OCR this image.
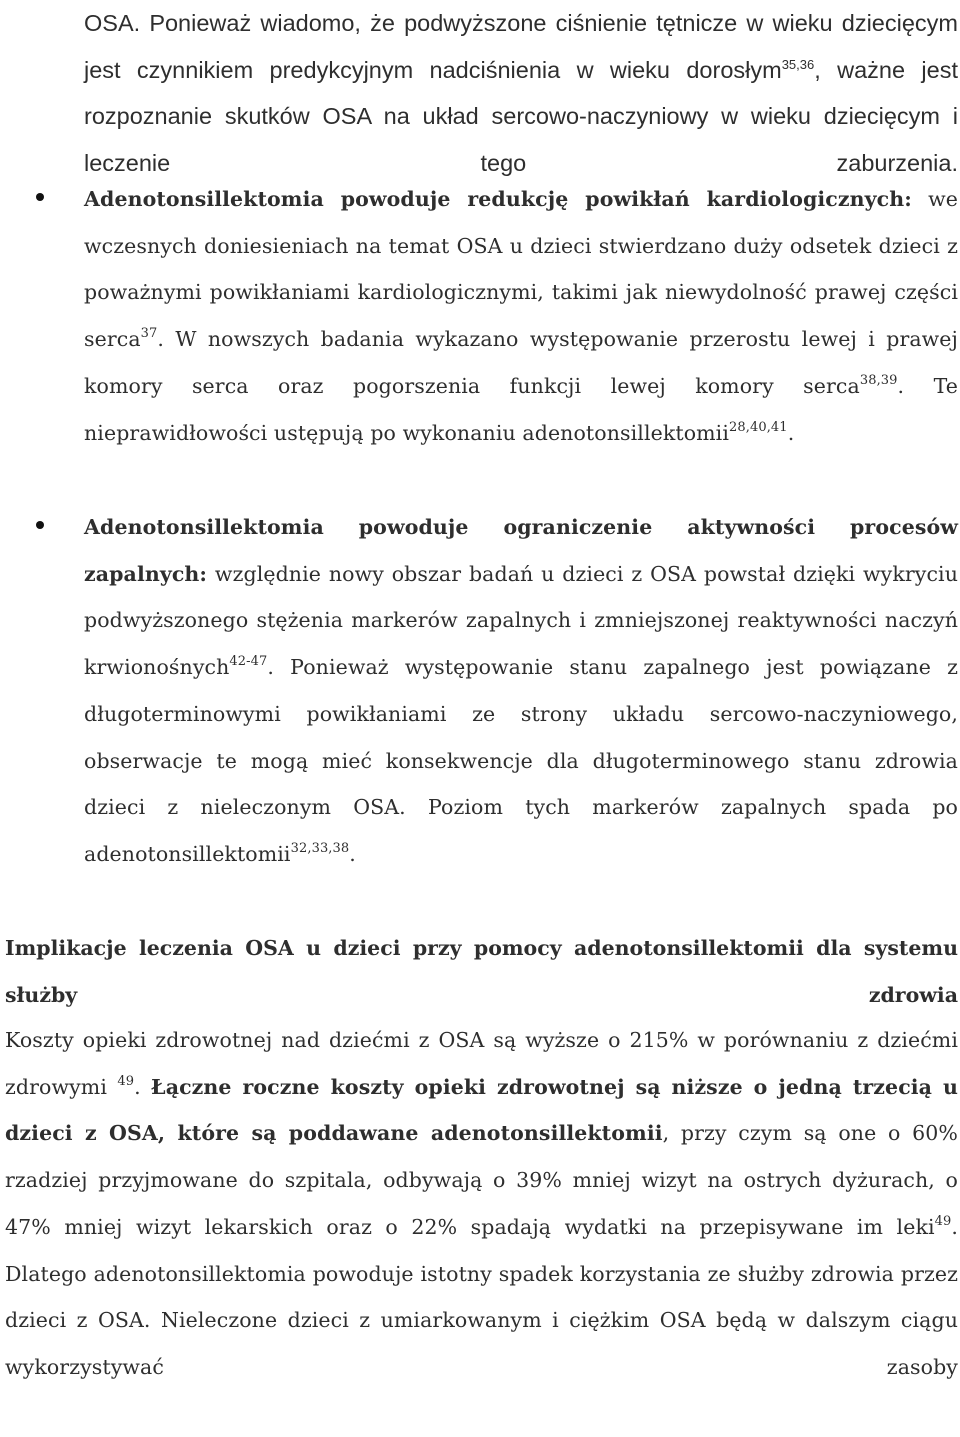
OSA. Ponieważ wiadomo, że podwyższone ciśnienie tętnicze w wieku dziecięcym jest czynnikiem predykcyjnym nadciśnienia w wieku dorosłym$^{35,36}$, ważne jest rozpoznanie skutków OSA na układ sercowo-naczyniowy w wieku dziecięcym i leczenie tego zaburzenia.
Adenotonsillektomia powoduje redukcję powikłań kardiologicznych: we wczesnych doniesieniach na temat OSA u dzieci stwierdzano duży odsetek dzieci z poważnymi powikłaniami kardiologicznymi, takimi jak niewydolność prawej części serca$^{37}$. W nowszych badania wykazano występowanie przerostu lewej i prawej komory serca oraz pogorszenia funkcji lewej komory serca$^{38,39}$. Te nieprawidłowości ustępują po wykonaniu adenotonsillektomii$^{28,40,41}$.
Adenotonsillektomia powoduje ograniczenie aktywności procesów zapalnych: względnie nowy obszar badań u dzieci z OSA powstał dzięki wykryciu podwyższonego stężenia markerów zapalnych i zmniejszonej reaktywności naczyń krwionośnych$^{42-47}$. Ponieważ występowanie stanu zapalnego jest powiązane z długoterminowymi powikłaniami ze strony układu sercowo-naczyniowego, obserwacje te mogą mieć konsekwencje dla długoterminowego stanu zdrowia dzieci z nieleczonym OSA. Poziom tych markerów zapalnych spada po adenotonsillektomii$^{32,33,38}$.
Implikacje leczenia OSA u dzieci przy pomocy adenotonsillektomii dla systemu służby zdrowia
Koszty opieki zdrowotnej nad dziećmi z OSA są wyższe o 215% w porównaniu z dziećmi zdrowymi $^{49}$. Łączne roczne koszty opieki zdrowotnej są niższe o jedną trzecią u dzieci z OSA, które są poddawane adenotonsillektomii, przy czym są one o 60% rzadziej przyjmowane do szpitala, odbywają o 39% mniej wizyt na ostrych dyżurach, o 47% mniej wizyt lekarskich oraz o 22% spadają wydatki na przepisywane im leki$^{49}$. Dlatego adenotonsillektomia powoduje istotny spadek korzystania ze służby zdrowia przez dzieci z OSA. Nieleczone dzieci z umiarkowanym i ciężkim OSA będą w dalszym ciągu wykorzystywać zasoby
